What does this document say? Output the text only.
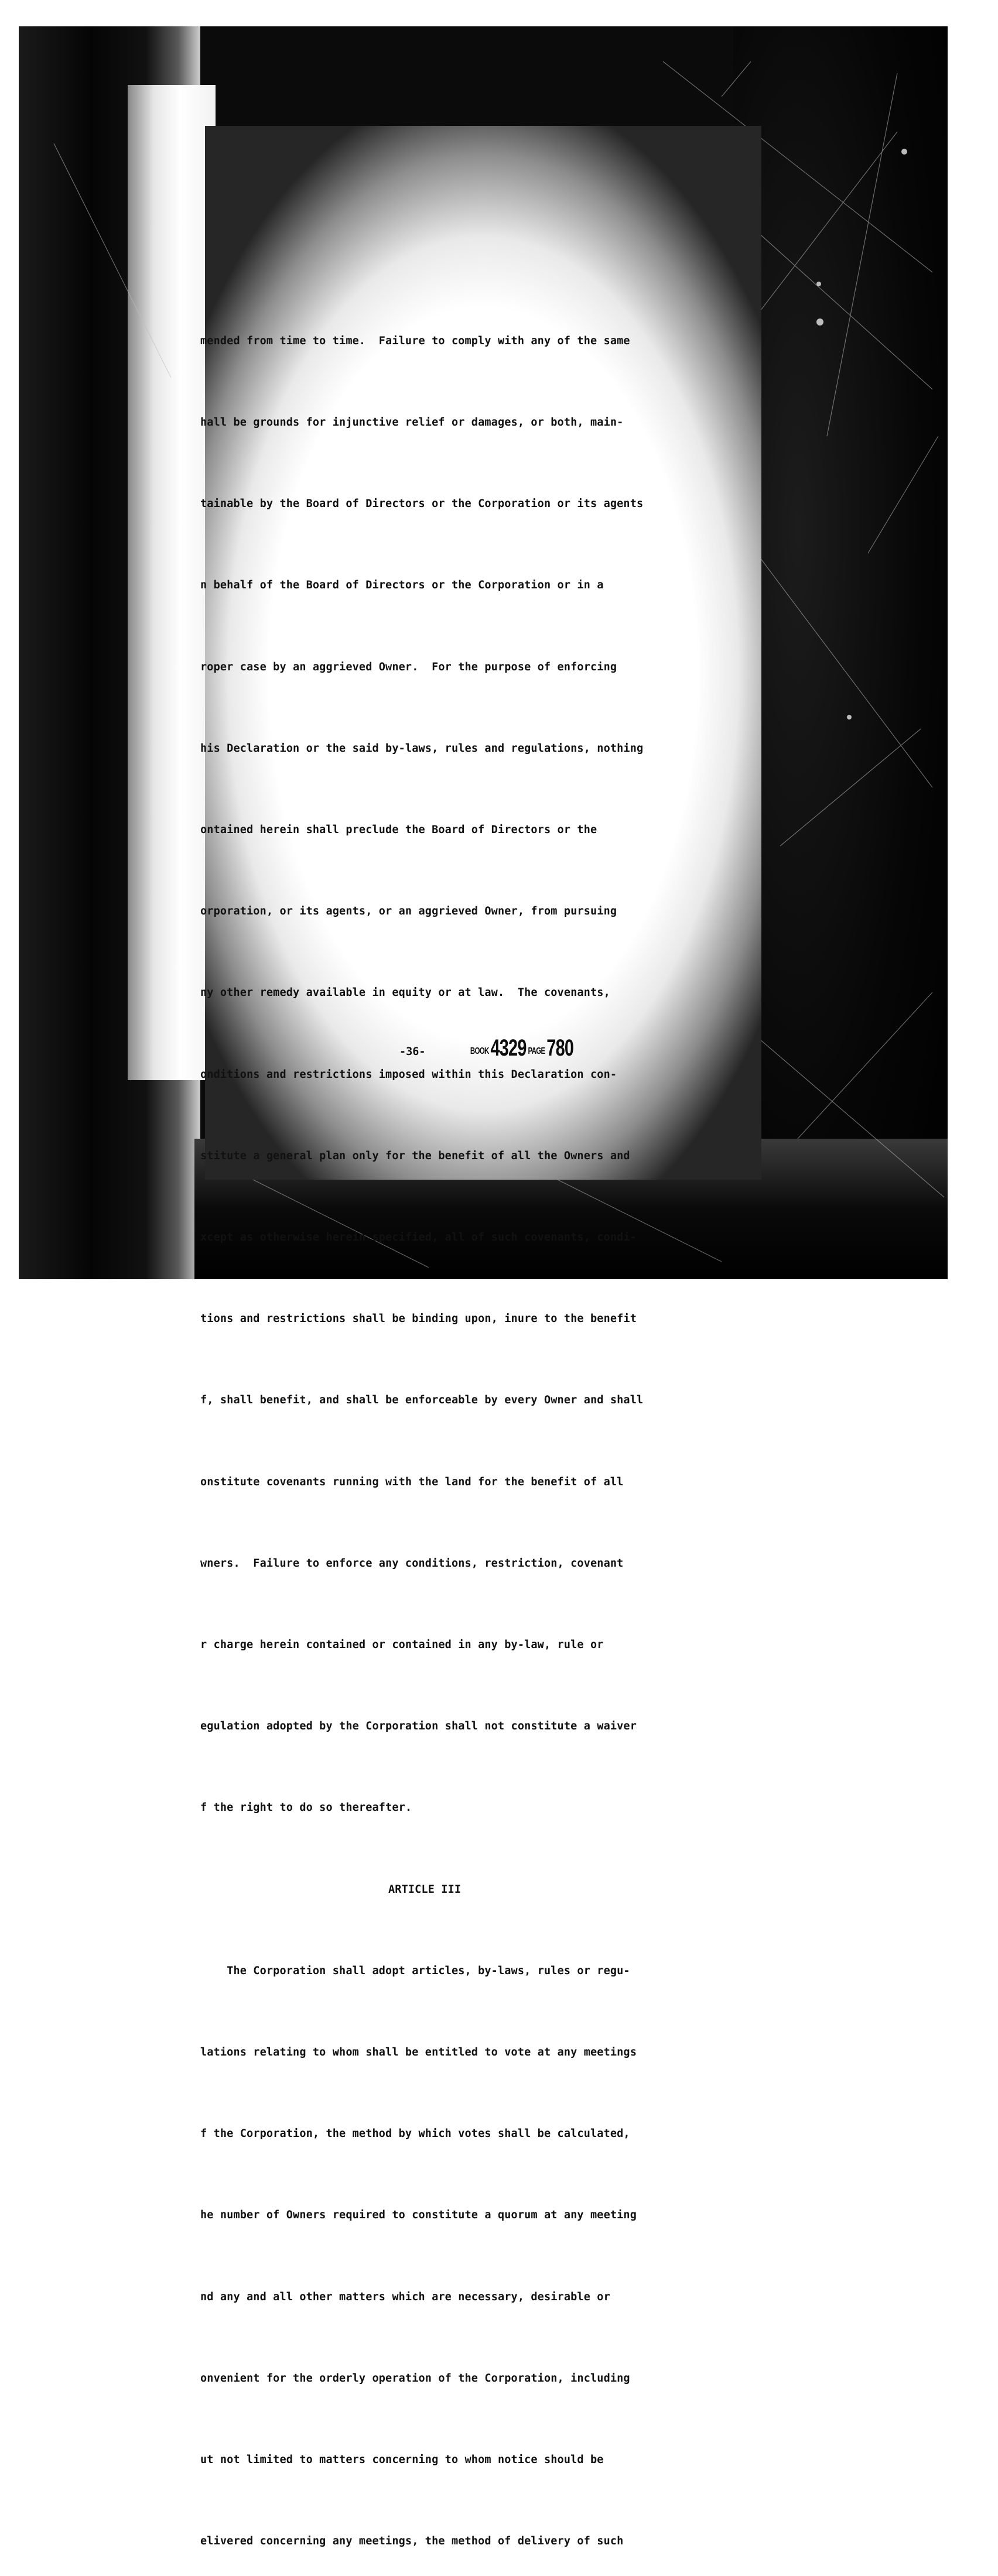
mended from time to time.  Failure to comply with any of the same

hall be grounds for injunctive relief or damages, or both, main-

tainable by the Board of Directors or the Corporation or its agents

n behalf of the Board of Directors or the Corporation or in a

roper case by an aggrieved Owner.  For the purpose of enforcing

his Declaration or the said by-laws, rules and regulations, nothing

ontained herein shall preclude the Board of Directors or the

orporation, or its agents, or an aggrieved Owner, from pursuing

ny other remedy available in equity or at law.  The covenants,

onditions and restrictions imposed within this Declaration con-

stitute a general plan only for the benefit of all the Owners and

xcept as otherwise herein specified, all of such covenants, condi-

tions and restrictions shall be binding upon, inure to the benefit

f, shall benefit, and shall be enforceable by every Owner and shall

onstitute covenants running with the land for the benefit of all

wners.  Failure to enforce any conditions, restriction, covenant

r charge herein contained or contained in any by-law, rule or

egulation adopted by the Corporation shall not constitute a waiver

f the right to do so thereafter.

ARTICLE III

The Corporation shall adopt articles, by-laws, rules or regu-

lations relating to whom shall be entitled to vote at any meetings

f the Corporation, the method by which votes shall be calculated,

he number of Owners required to constitute a quorum at any meeting

nd any and all other matters which are necessary, desirable or

onvenient for the orderly operation of the Corporation, including

ut not limited to matters concerning to whom notice should be

elivered concerning any meetings, the method of delivery of such

-36-	BOOK4329 PAGE780
